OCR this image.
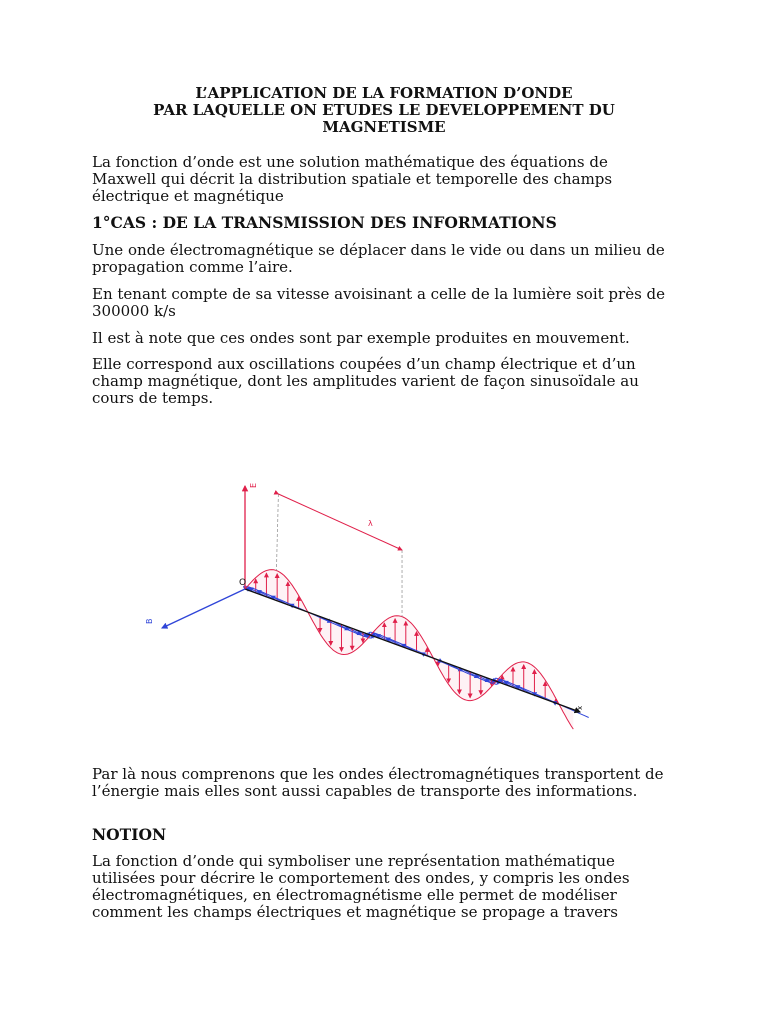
L’APPLICATION DE LA FORMATION D’ONDE
PAR LAQUELLE ON ETUDES LE DEVELOPPEMENT DU
MAGNETISME
La fonction d’onde est une solution mathématique des équations de Maxwell qui décrit la distribution spatiale et temporelle des champs électrique et magnétique
1°CAS : DE LA TRANSMISSION DES INFORMATIONS
Une onde électromagnétique se déplacer dans le vide ou dans un milieu de propagation comme l’aire.
En tenant compte de sa vitesse avoisinant a celle de la lumière soit près de 300000 k/s
Il est à note que ces ondes sont par exemple produites en mouvement.
Elle correspond aux oscillations coupées d’un champ électrique et d’un champ magnétique, dont les amplitudes varient de façon sinusoïdale au cours de temps.
E
B
O
x
λ
Par là nous comprenons que les ondes électromagnétiques transportent de l’énergie mais elles sont aussi capables de transporte des informations.
NOTION
La fonction d’onde qui symboliser une représentation mathématique utilisées pour décrire le comportement des ondes, y compris les ondes électromagnétiques, en électromagnétisme elle permet de modéliser comment les champs électriques et magnétique se propage a travers
